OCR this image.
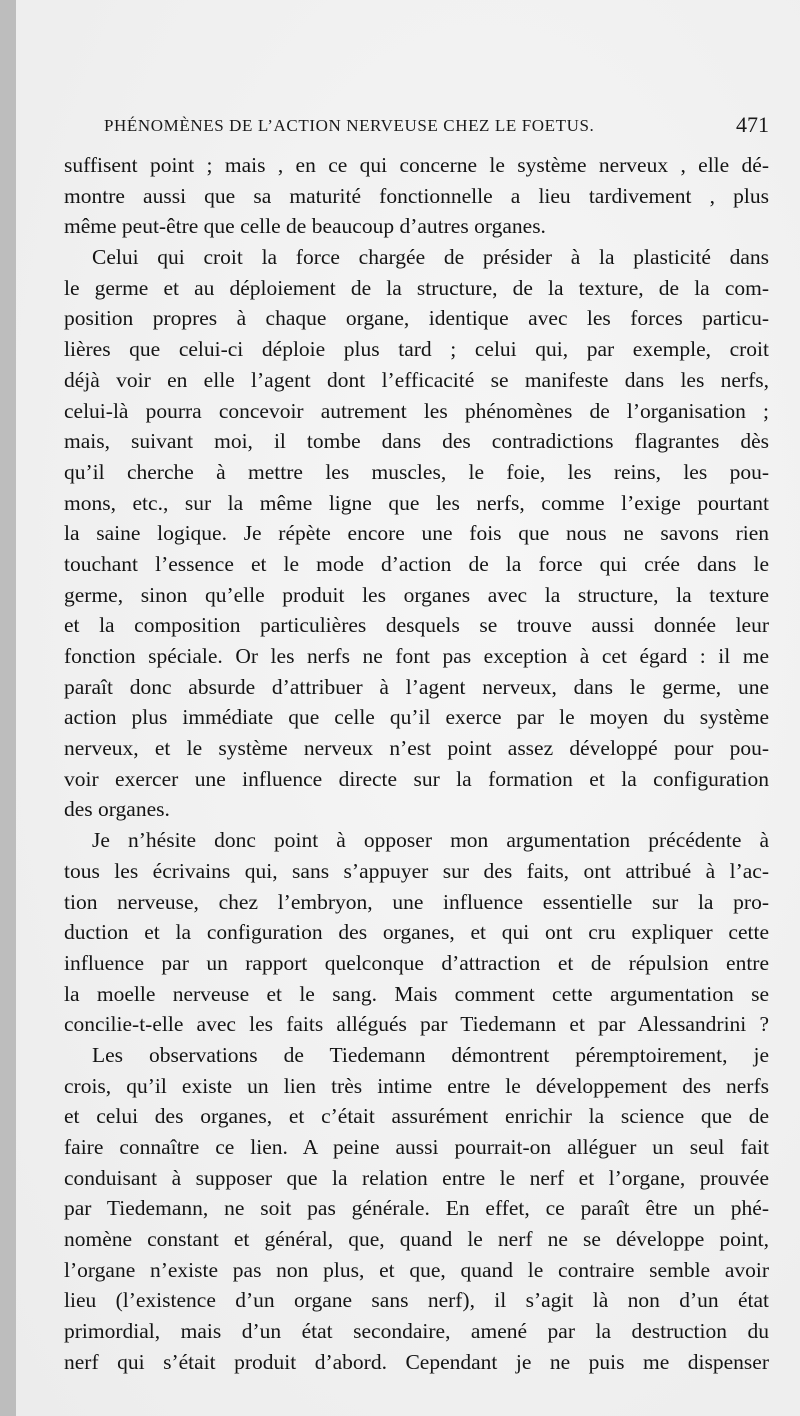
PHÉNOMÈNES DE L’ACTION NERVEUSE CHEZ LE FOETUS.	471
suffisent point ; mais , en ce qui concerne le système nerveux , elle dé-
montre aussi que sa maturité fonctionnelle a lieu tardivement , plus
même peut-être que celle de beaucoup d’autres organes.
Celui qui croit la force chargée de présider à la plasticité dans
le germe et au déploiement de la structure, de la texture, de la com-
position propres à chaque organe, identique avec les forces particu-
lières que celui-ci déploie plus tard ; celui qui, par exemple, croit
déjà voir en elle l’agent dont l’efficacité se manifeste dans les nerfs,
celui-là pourra concevoir autrement les phénomènes de l’organisation ;
mais, suivant moi, il tombe dans des contradictions flagrantes dès
qu’il cherche à mettre les muscles, le foie, les reins, les pou-
mons, etc., sur la même ligne que les nerfs, comme l’exige pourtant
la saine logique. Je répète encore une fois que nous ne savons rien
touchant l’essence et le mode d’action de la force qui crée dans le
germe, sinon qu’elle produit les organes avec la structure, la texture
et la composition particulières desquels se trouve aussi donnée leur
fonction spéciale. Or les nerfs ne font pas exception à cet égard : il me
paraît donc absurde d’attribuer à l’agent nerveux, dans le germe, une
action plus immédiate que celle qu’il exerce par le moyen du système
nerveux, et le système nerveux n’est point assez développé pour pou-
voir exercer une influence directe sur la formation et la configuration
des organes.
Je n’hésite donc point à opposer mon argumentation précédente à
tous les écrivains qui, sans s’appuyer sur des faits, ont attribué à l’ac-
tion nerveuse, chez l’embryon, une influence essentielle sur la pro-
duction et la configuration des organes, et qui ont cru expliquer cette
influence par un rapport quelconque d’attraction et de répulsion entre
la moelle nerveuse et le sang. Mais comment cette argumentation se
concilie-t-elle avec les faits allégués par Tiedemann et par Alessandrini ?
Les observations de Tiedemann démontrent péremptoirement, je
crois, qu’il existe un lien très intime entre le développement des nerfs
et celui des organes, et c’était assurément enrichir la science que de
faire connaître ce lien. A peine aussi pourrait-on alléguer un seul fait
conduisant à supposer que la relation entre le nerf et l’organe, prouvée
par Tiedemann, ne soit pas générale. En effet, ce paraît être un phé-
nomène constant et général, que, quand le nerf ne se développe point,
l’organe n’existe pas non plus, et que, quand le contraire semble avoir
lieu (l’existence d’un organe sans nerf), il s’agit là non d’un état
primordial, mais d’un état secondaire, amené par la destruction du
nerf qui s’était produit d’abord. Cependant je ne puis me dispenser
